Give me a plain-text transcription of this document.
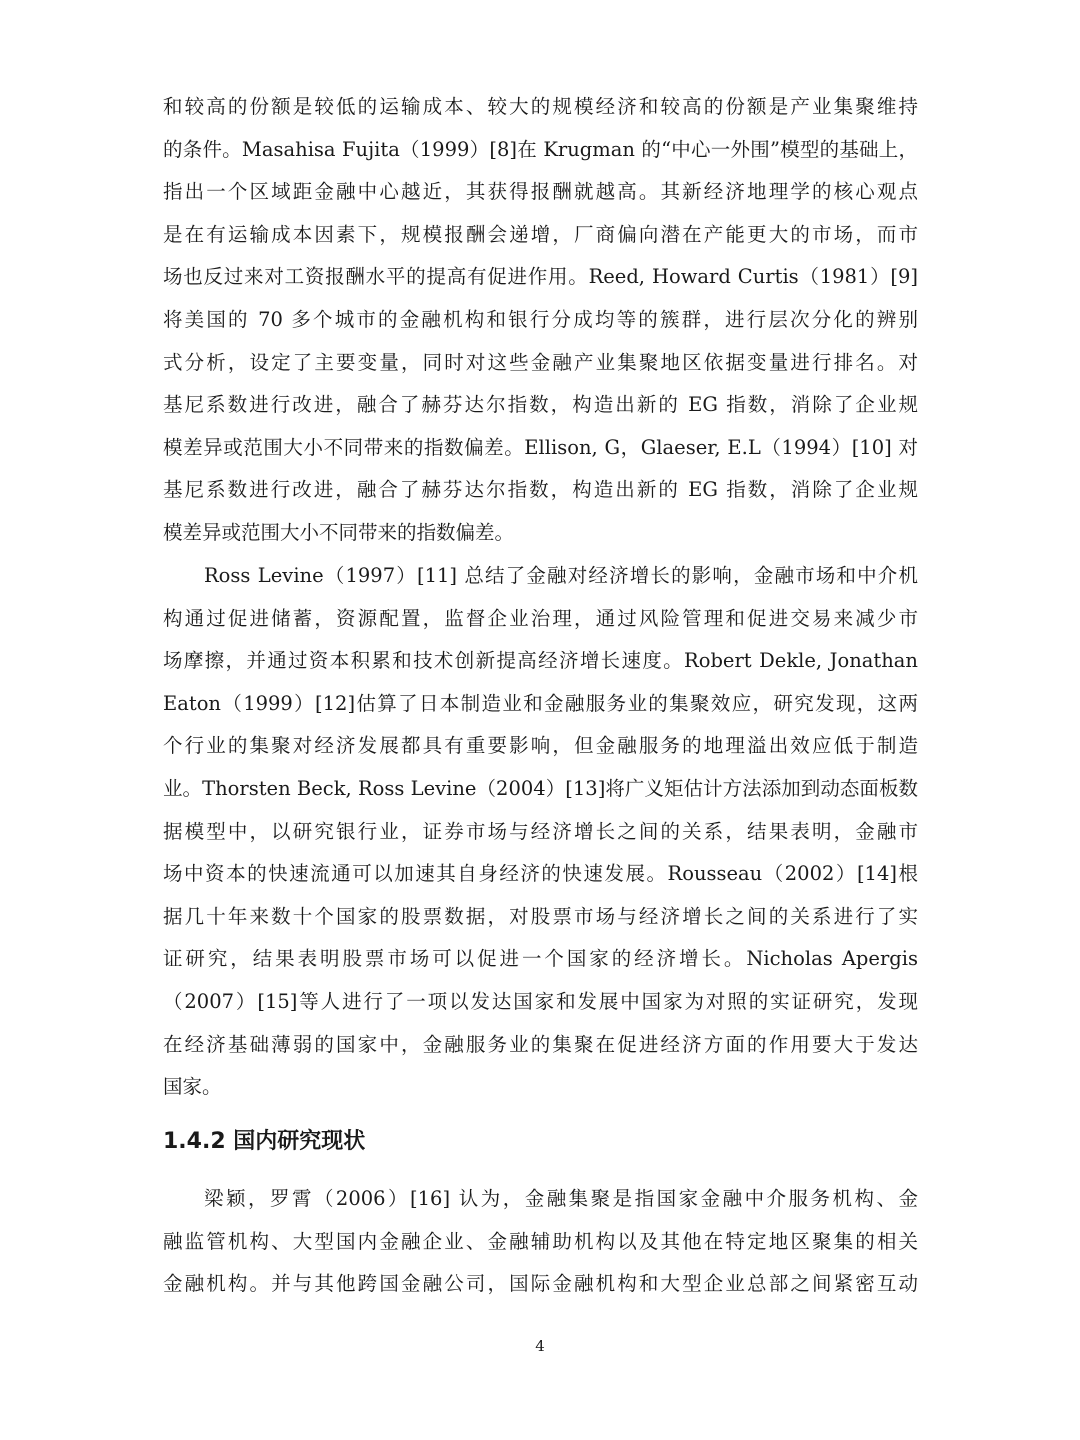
和较高的份额是较低的运输成本、较大的规模经济和较高的份额是产业集聚维持
的条件。Masahisa Fujita（1999）[8]在 Krugman 的“中心一外围”模型的基础上，
指出一个区域距金融中心越近，其获得报酬就越高。其新经济地理学的核心观点
是在有运输成本因素下，规模报酬会递增，厂商偏向潜在产能更大的市场，而市
场也反过来对工资报酬水平的提高有促进作用。Reed, Howard Curtis（1981）[9]
将美国的 70 多个城市的金融机构和银行分成均等的簇群，进行层次分化的辨别
式分析，设定了主要变量，同时对这些金融产业集聚地区依据变量进行排名。对
基尼系数进行改进，融合了赫芬达尔指数，构造出新的 EG 指数，消除了企业规
模差异或范围大小不同带来的指数偏差。Ellison, G，Glaeser, E.L（1994）[10] 对
基尼系数进行改进，融合了赫芬达尔指数，构造出新的 EG 指数，消除了企业规
模差异或范围大小不同带来的指数偏差。
Ross Levine（1997）[11] 总结了金融对经济增长的影响，金融市场和中介机
构通过促进储蓄，资源配置，监督企业治理，通过风险管理和促进交易来减少市
场摩擦，并通过资本积累和技术创新提高经济增长速度。Robert Dekle, Jonathan
Eaton（1999）[12]估算了日本制造业和金融服务业的集聚效应，研究发现，这两
个行业的集聚对经济发展都具有重要影响，但金融服务的地理溢出效应低于制造
业。Thorsten Beck, Ross Levine（2004）[13]将广义矩估计方法添加到动态面板数
据模型中，以研究银行业，证券市场与经济增长之间的关系，结果表明，金融市
场中资本的快速流通可以加速其自身经济的快速发展。Rousseau（2002）[14]根
据几十年来数十个国家的股票数据，对股票市场与经济增长之间的关系进行了实
证研究，结果表明股票市场可以促进一个国家的经济增长。Nicholas Apergis
（2007）[15]等人进行了一项以发达国家和发展中国家为对照的实证研究，发现
在经济基础薄弱的国家中，金融服务业的集聚在促进经济方面的作用要大于发达
国家。
1.4.2 国内研究现状
梁颖，罗霄（2006）[16] 认为，金融集聚是指国家金融中介服务机构、金
融监管机构、大型国内金融企业、金融辅助机构以及其他在特定地区聚集的相关
金融机构。并与其他跨国金融公司，国际金融机构和大型企业总部之间紧密互动
4
